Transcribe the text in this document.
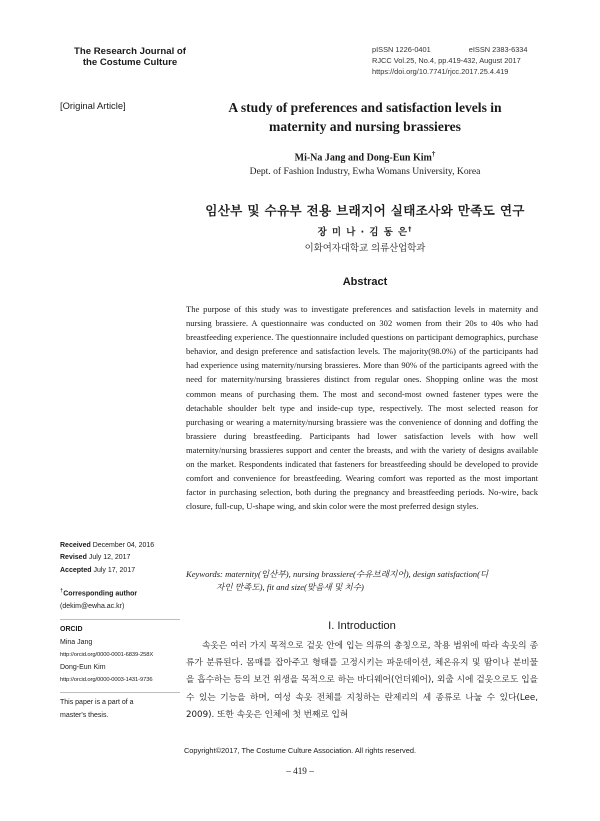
The Research Journal of
the Costume Culture
pISSN 1226-0401	eISSN 2383-6334
RJCC Vol.25, No.4, pp.419-432, August 2017
https://doi.org/10.7741/rjcc.2017.25.4.419
[Original Article]	A study of preferences and satisfaction levels in
maternity and nursing brassieres
Mi-Na Jang and Dong-Eun Kim†
Dept. of Fashion Industry, Ewha Womans University, Korea
임산부 및 수유부 전용 브래지어 실태조사와 만족도 연구
장 미 나 · 김 동 은†
이화여자대학교 의류산업학과
Abstract
The purpose of this study was to investigate preferences and satisfaction levels in maternity and nursing brassiere. A questionnaire was conducted on 302 women from their 20s to 40s who had breastfeeding experience. The questionnaire included questions on participant demographics, purchase behavior, and design preference and satisfaction levels. The majority(98.0%) of the participants had had experience using maternity/nursing brassieres. More than 90% of the participants agreed with the need for maternity/nursing brassieres distinct from regular ones. Shopping online was the most common means of purchasing them. The most and second-most owned fastener types were the detachable shoulder belt type and inside-cup type, respectively. The most selected reason for purchasing or wearing a maternity/nursing brassiere was the convenience of donning and doffing the brassiere during breastfeeding. Participants had lower satisfaction levels with how well maternity/nursing brassieres support and center the breasts, and with the variety of designs available on the market. Respondents indicated that fasteners for breastfeeding should be developed to provide comfort and convenience for breastfeeding. Wearing comfort was reported as the most important factor in purchasing selection, both during the pregnancy and breastfeeding periods. No-wire, back closure, full-cup, U-shape wing, and skin color were the most preferred design styles.
Keywords: maternity(임산부), nursing brassiere(수유브래지어), design satisfaction(디
자인 만족도), fit and size(맞음새 및 치수)
I. Introduction
속옷은 여러 가지 목적으로 겉옷 안에 입는 의류의 총칭으로, 착용 범위에 따라 속옷의 종류가 분류된다. 몸매를 잡아주고 형태를 고정시키는 파운데이션, 체온유지 및 땀이나 분비물을 흡수하는 등의 보건 위생을 목적으로 하는 바디웨어(언더웨어), 외출 시에 겉옷으로도 입을 수 있는 기능을 하며, 여성 속옷 전체를 지칭하는 란제리의 세 종류로 나눌 수 있다(Lee, 2009). 또한 속옷은 인체에 첫 번째로 입혀
Received December 04, 2016
Revised July 12, 2017
Accepted July 17, 2017
†Corresponding author
(dekim@ewha.ac.kr)
ORCID
Mina Jang
http://orcid.org/0000-0001-6839-258X
Dong-Eun Kim
http://orcid.org/0000-0003-1431-9736
This paper is a part of a
master's thesis.
Copyright©2017, The Costume Culture Association. All rights reserved.
– 419 –
